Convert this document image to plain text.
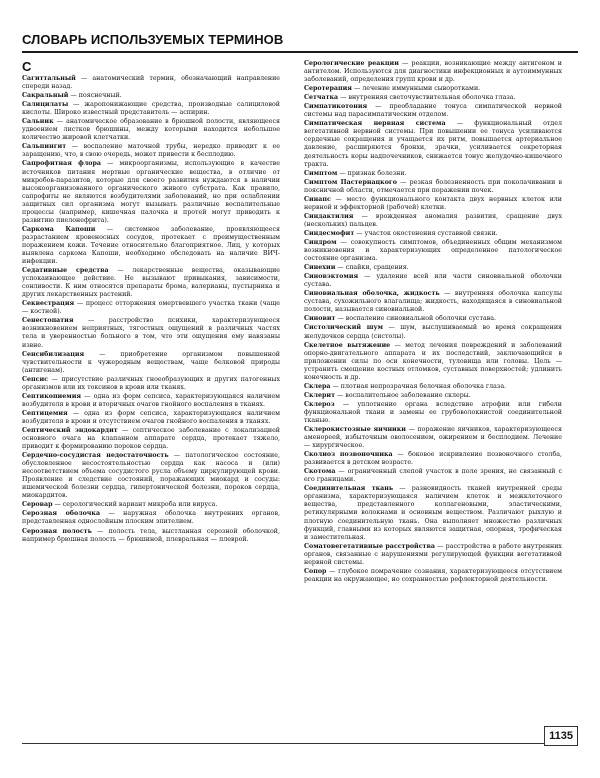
СЛОВАРЬ ИСПОЛЬЗУЕМЫХ ТЕРМИНОВ
С

Сагиттальный — анатомический термин, обозначающий направление спереди назад.

Сакральный — пояснечный.

Салицилаты — жаропонижающие средства, производные салициловой кислоты. Широко известный представитель — аспирин.

Сальник — анатомическое образование в брюшной полости, являющееся удвоением листков брюшины, между которыми находится небольшое количество жировой клетчатки.

Сальпингит — воспаление маточной трубы, нередко приводит к ее заращению, что, в свою очередь, может привести к бесплодию.

Сапрофитная флора — микроорганизмы, использующие в качестве источников питания мертвые органические вещества, в отличие от микробов-паразитов, которые для своего развития нуждаются в наличии высокоорганизованного органического живого субстрата. Как правило, сапрофиты не являются возбудителями заболеваний, но при ослаблении защитных сил организма могут вызывать различные воспалительные процессы (например, кишечная палочка и протей могут приводить к развитию пиелонефрита).

Саркома Капоши — системное заболевание, проявляющееся разрастанием кровеносных сосудов, протекает с преимущественным поражением кожи. Течение относительно благоприятное. Лиц, у которых выявлена саркома Капоши, необходимо обследовать на наличие ВИЧ-инфекции.

Седативные средства — лекарственные вещества, оказывающие успокаивающее действие. Не вызывают привыкания, зависимости, сонливости. К ним относятся препараты брома, валерианы, пустырника и других лекарственных растений.

Секвестрация — процесс отторжения омертвевшего участка ткани (чаще — костной).

Сенестопатия — расстройство психики, характеризующееся возникновением неприятных, тягостных ощущений в различных частях тела и уверенностью больного в том, что эти ощущения ему навязаны извне.

Сенсибилизация — приобретение организмом повышенной чувствительности к чужеродным веществам, чаще белковой природы (антигенам).

Сепсис — присутствие различных гноеобразующих и других патогенных организмов или их токсинов в крови или тканях.

Септикопиемия — одна из форм сепсиса, характеризующаяся наличием возбудителя в крови и вторичных очагов гнойного воспаления в тканях.

Септицемия — одна из форм сепсиса, характеризующаяся наличием возбудителя в крови и отсутствием очагов гнойного воспаления в тканях.

Септический эндокардит — септическое заболевание с локализацией основного очага на клапанном аппарате сердца, протекает тяжело, приводит к формированию пороков сердца.

Сердечно-сосудистая недостаточность — патологическое состояние, обусловленное несостоятельностью сердца как насоса и (или) несоответствием объема сосудистого русла объему циркулирующей крови. Проявление и следствие состояний, поражающих миокард и сосуды: ишемической болезни сердца, гипертонической болезни, пороков сердца, миокардитов.

Серовар — серологический вариант микроба или вируса.

Серозная оболочка — наружная оболочка внутренних органов, представленная однослойным плоским эпителием.

Серозная полость — полость тела, выстланная серозной оболочкой, например брюшная полость — брюшиной, плевральная — плеврой.

Серологические реакции — реакции, возникающие между антигеном и антителом. Используются для диагностики инфекционных и аутоиммунных заболеваний, определения групп крови и др.

Серотерапия — лечение иммунными сыворотками.

Сетчатка — внутренняя светочувствительная оболочка глаза.

Симпатикотония — преобладание тонуса симпатической нервной системы над парасимпатическим отделом.

Симпатическая нервная система — функциональный отдел вегетативной нервной системы. При повышении ее тонуса усиливаются сердечные сокращения и учащается их ритм, повышается артериальное давление, расширяются бронхи, зрачки, усиливается секреторная деятельность коры надпочечников, снижается тонус желудочно-кишечного тракта.

Симптом — признак болезни.

Симптом Пастернацкого — резкая болезненность при поколачивании в поясничной области, отмечается при поражении почек.

Синапс — место функционального контакта двух нервных клеток или нервной и эффекторной (рабочей) клетки.

Синдактилия — врожденная аномалия развития, сращение двух (нескольких) пальцев.

Синдесмофит — участок окостенения суставной связки.

Синдром — совокупность симптомов, объединенных общим механизмом возникновения и характеризующих определенное патологическое состояние организма.

Синехии — спайки, сращения.

Синовэктомия — удаление всей или части синовиальной оболочки сустава.

Синовиальная оболочка, жидкость — внутренняя оболочка капсулы сустава, сухожильного влагалища; жидкость, находящаяся в синовиальной полости, называется синовиальной.

Синовит — воспаление синовиальной оболочки сустава.

Систолический шум — шум, выслушиваемый во время сокращения желудочков сердца (систолы).

Скелетное вытяжение — метод лечения повреждений и заболеваний опорно-двигательного аппарата и их последствий, заключающийся в приложении силы по оси конечности, туловища или головы. Цель — устранить смещение костных отломков, суставных поверхностей; удлинить конечность и др.

Склера — плотная непрозрачная белочная оболочка глаза.

Склерит — воспалительное заболевание склеры.

Склероз — уплотнение органа вследствие атрофии или гибели функциональной ткани и замены ее грубоволокнистой соединительной тканью.

Склерокистозные яичники — поражение яичников, характеризующееся аменореей, избыточным оволосением, ожирением и бесплодием. Лечение — хирургическое.

Сколиоз позвоночника — боковое искривление позвоночного столба, развивается в детском возрасте.

Скотома — ограниченный слепой участок в поле зрения, не связанный с его границами.

Соединительная ткань — разновидность тканей внутренней среды организма, характеризующаяся наличием клеток и межклеточного вещества, представленного коллагеновыми, эластическими, ретикулярными волокнами и основным веществом. Различают рыхлую и плотную соединительную ткань. Она выполняет множество различных функций, главными из которых являются защитная, опорная, трофическая и заместительная.

Соматовегетативные расстройства — расстройства в работе внутренних органов, связанные с нарушениями регулирующей функции вегетативной нервной системы.

Сопор — глубокое помрачение сознания, характеризующееся отсутствием реакции на окружающее, но сохранностью рефлекторной деятельности.

1135
